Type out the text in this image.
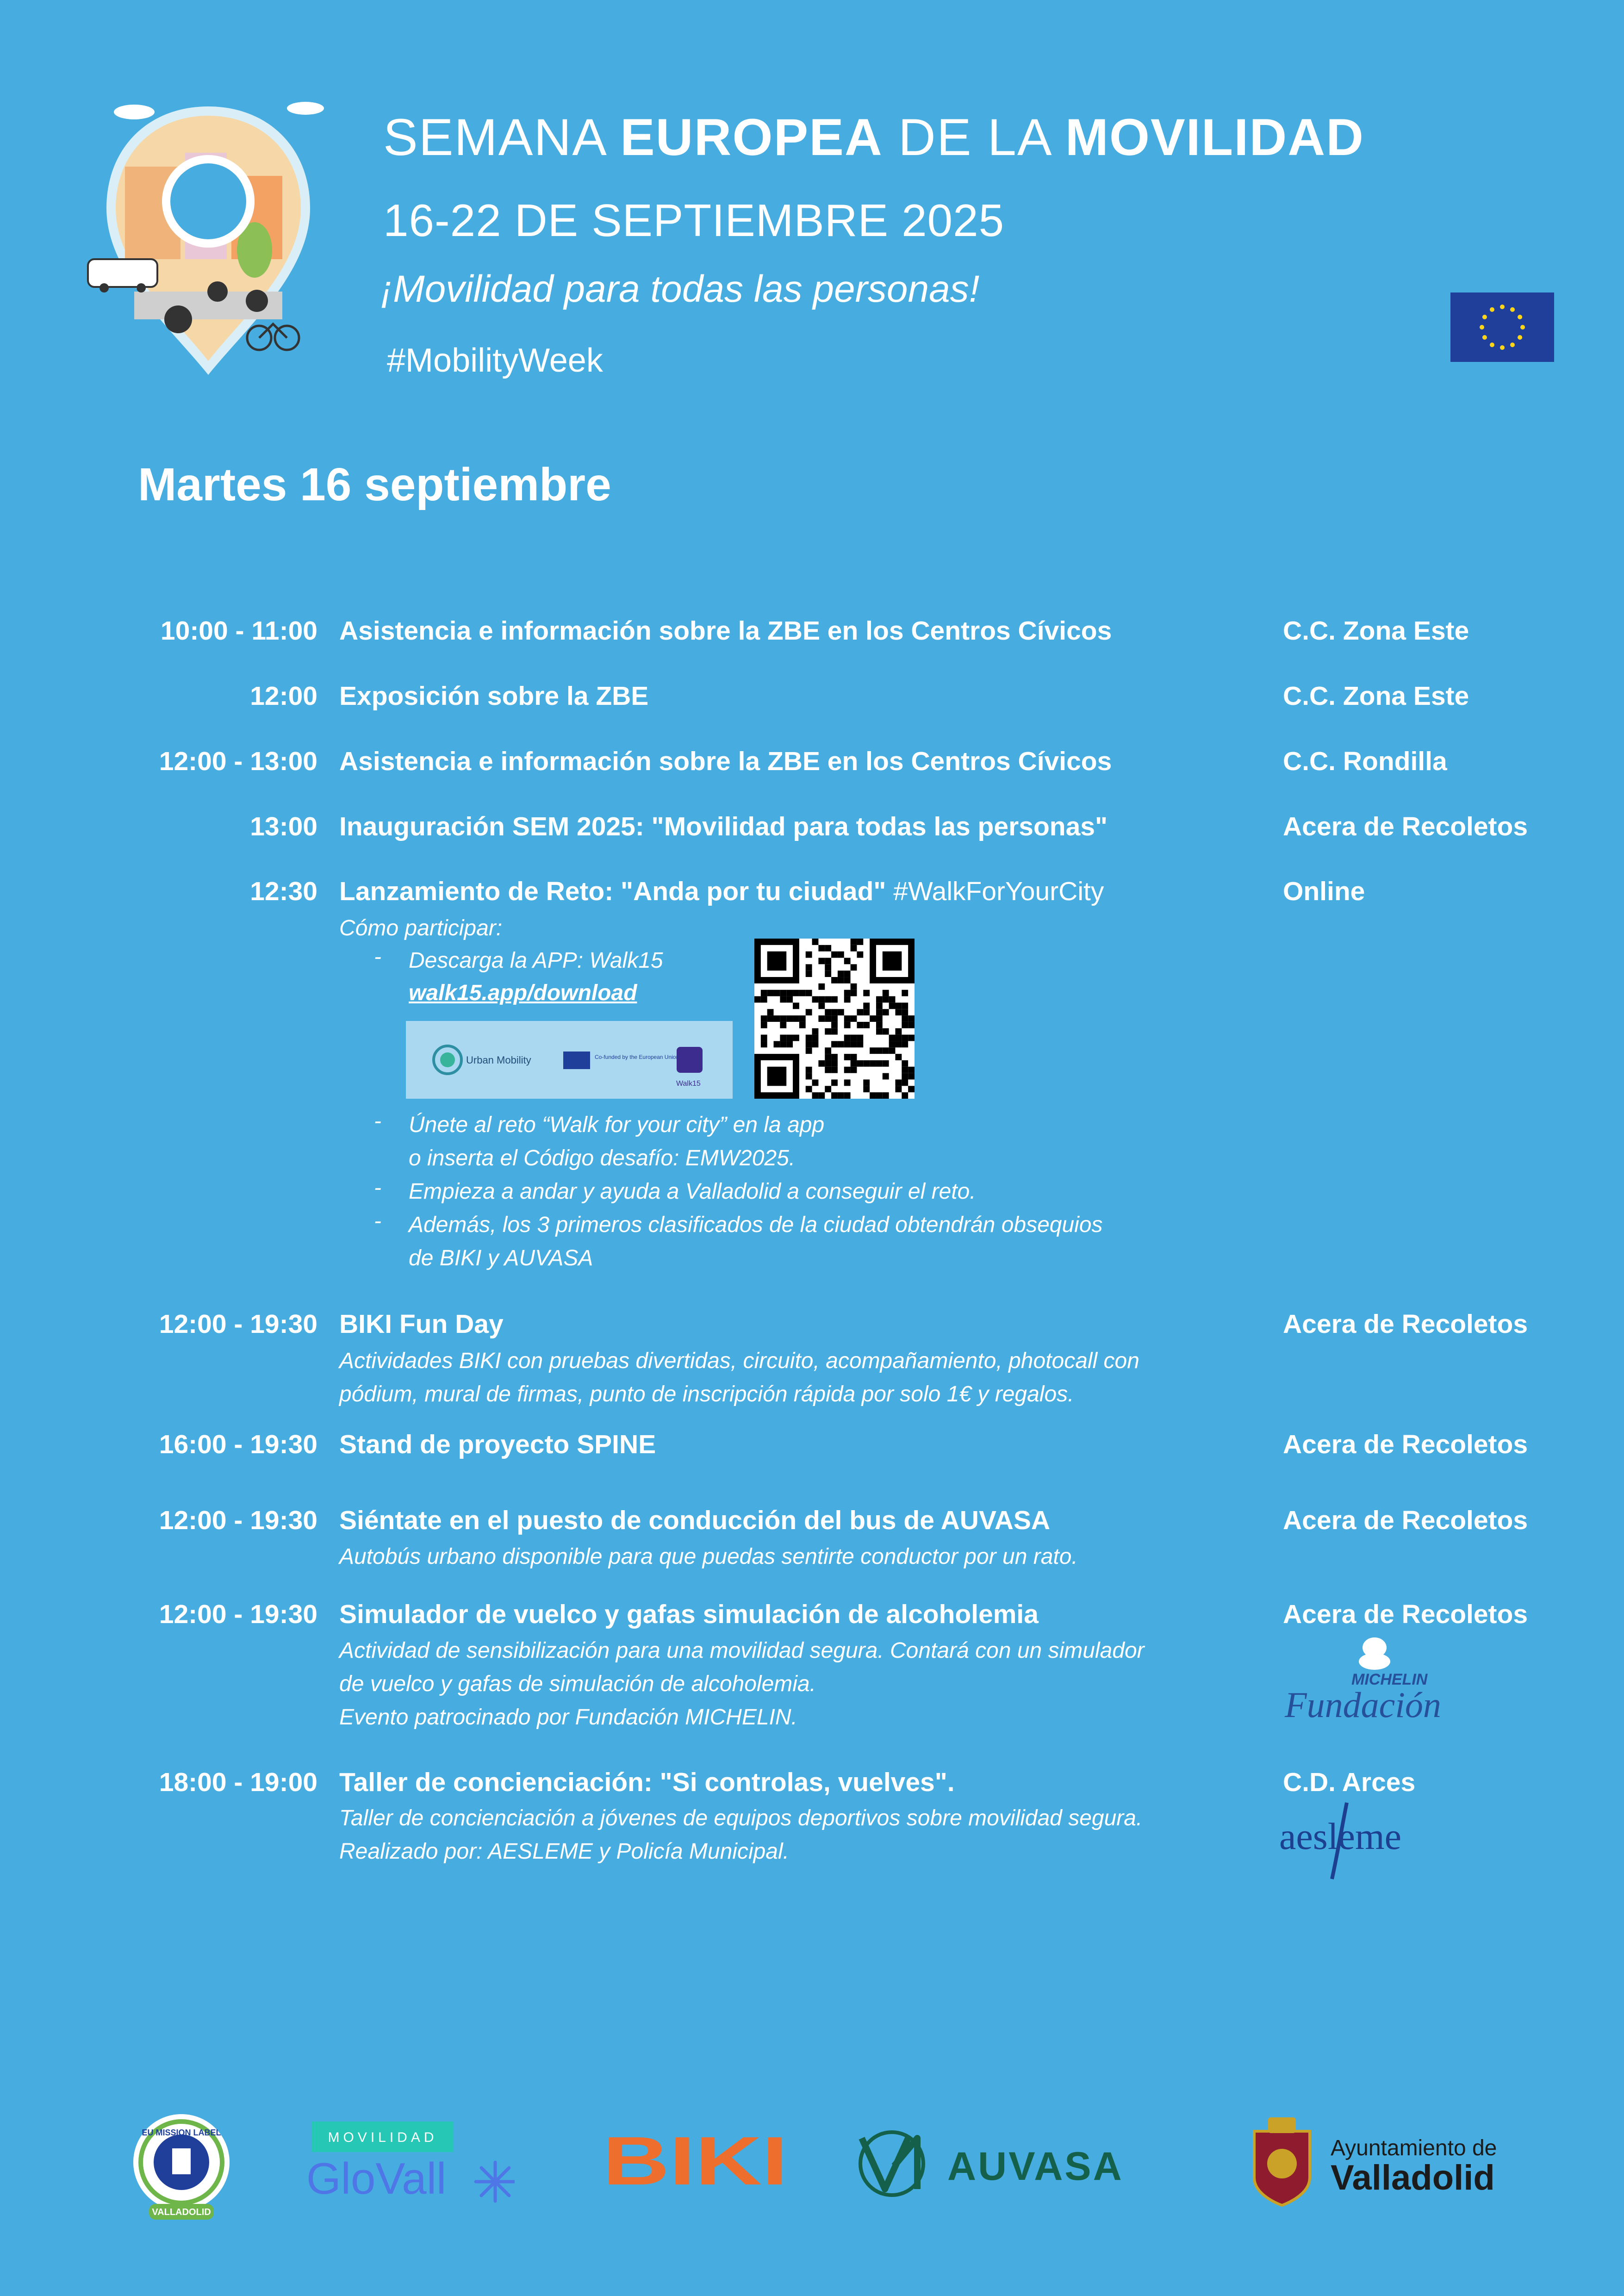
SEMANA EUROPEA DE LA MOVILIDAD
16-22 DE SEPTIEMBRE 2025
¡Movilidad para todas las personas!
#MobilityWeek
Martes 16 septiembre
10:00 - 11:00 Asistencia e información sobre la ZBE en los Centros Cívicos	C.C. Zona Este
12:00 Exposición sobre la ZBE	C.C. Zona Este
12:00 - 13:00 Asistencia e información sobre la ZBE en los Centros Cívicos	C.C. Rondilla
13:00 Inauguración SEM 2025: "Movilidad para todas las personas"	Acera de Recoletos
12:30 Lanzamiento de Reto: "Anda por tu ciudad" #WalkForYourCity	Online
Cómo participar:
- Descarga la APP: Walk15
walk15.app/download
Urban Mobility	Co-funded by the European Union
Walk15
- Únete al reto “Walk for your city” en la app
o inserta el Código desafío: EMW2025.
- Empieza a andar y ayuda a Valladolid a conseguir el reto.
- Además, los 3 primeros clasificados de la ciudad obtendrán obsequios
de BIKI y AUVASA
12:00 - 19:30 BIKI Fun Day	Acera de Recoletos
Actividades BIKI con pruebas divertidas, circuito, acompañamiento, photocall con
pódium, mural de firmas, punto de inscripción rápida por solo 1€ y regalos.
16:00 - 19:30 Stand de proyecto SPINE	Acera de Recoletos
12:00 - 19:30 Siéntate en el puesto de conducción del bus de AUVASA	Acera de Recoletos
Autobús urbano disponible para que puedas sentirte conductor por un rato.
12:00 - 19:30 Simulador de vuelco y gafas simulación de alcoholemia	Acera de Recoletos
Actividad de sensibilización para una movilidad segura. Contará con un simulador
de vuelco y gafas de simulación de alcoholemia.
Evento patrocinado por Fundación MICHELIN.
MICHELIN
Fundación
18:00 - 19:00 Taller de concienciación: "Si controlas, vuelves".	C.D. Arces
Taller de concienciación a jóvenes de equipos deportivos sobre movilidad segura.
Realizado por: AESLEME y Policía Municipal.	aesleme
EU MISSION LABEL
VALLADOLID
MOVILIDAD
GloVall BIKI	AUVASA	Ayuntamiento de
Valladolid
